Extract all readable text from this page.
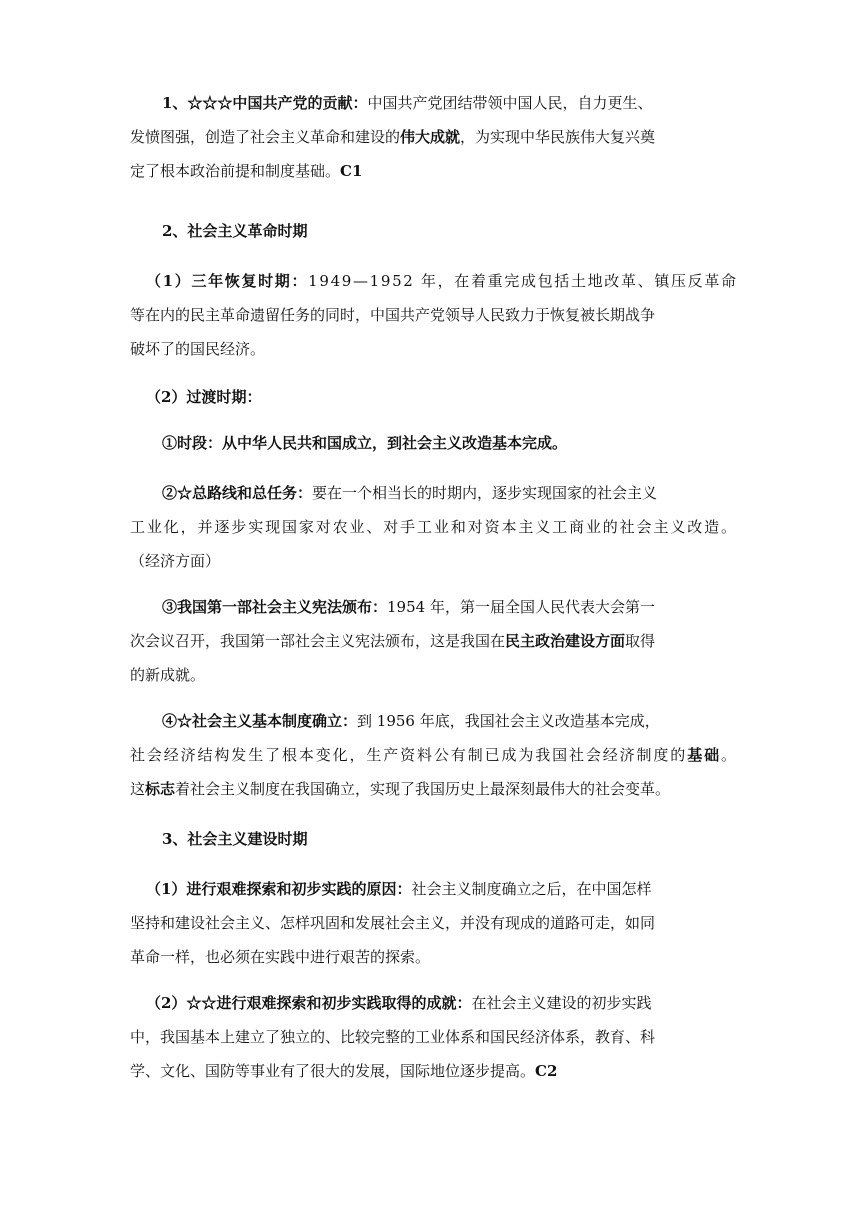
1、☆☆☆中国共产党的贡献：中国共产党团结带领中国人民，自力更生、
发愤图强，创造了社会主义革命和建设的伟大成就，为实现中华民族伟大复兴奠
定了根本政治前提和制度基础。C1
2、社会主义革命时期
（1）三年恢复时期：1949—1952 年，在着重完成包括土地改革、镇压反革命
等在内的民主革命遗留任务的同时，中国共产党领导人民致力于恢复被长期战争
破坏了的国民经济。
（2）过渡时期：
①时段：从中华人民共和国成立，到社会主义改造基本完成。
②☆总路线和总任务：要在一个相当长的时期内，逐步实现国家的社会主义
工业化，并逐步实现国家对农业、对手工业和对资本主义工商业的社会主义改造。
（经济方面）
③我国第一部社会主义宪法颁布：1954 年，第一届全国人民代表大会第一
次会议召开，我国第一部社会主义宪法颁布，这是我国在民主政治建设方面取得
的新成就。
④☆社会主义基本制度确立：到 1956 年底，我国社会主义改造基本完成，
社会经济结构发生了根本变化，生产资料公有制已成为我国社会经济制度的基础。
这标志着社会主义制度在我国确立，实现了我国历史上最深刻最伟大的社会变革。
3、社会主义建设时期
（1）进行艰难探索和初步实践的原因：社会主义制度确立之后，在中国怎样
坚持和建设社会主义、怎样巩固和发展社会主义，并没有现成的道路可走，如同
革命一样，也必须在实践中进行艰苦的探索。
（2）☆☆进行艰难探索和初步实践取得的成就：在社会主义建设的初步实践
中，我国基本上建立了独立的、比较完整的工业体系和国民经济体系，教育、科
学、文化、国防等事业有了很大的发展，国际地位逐步提高。C2
